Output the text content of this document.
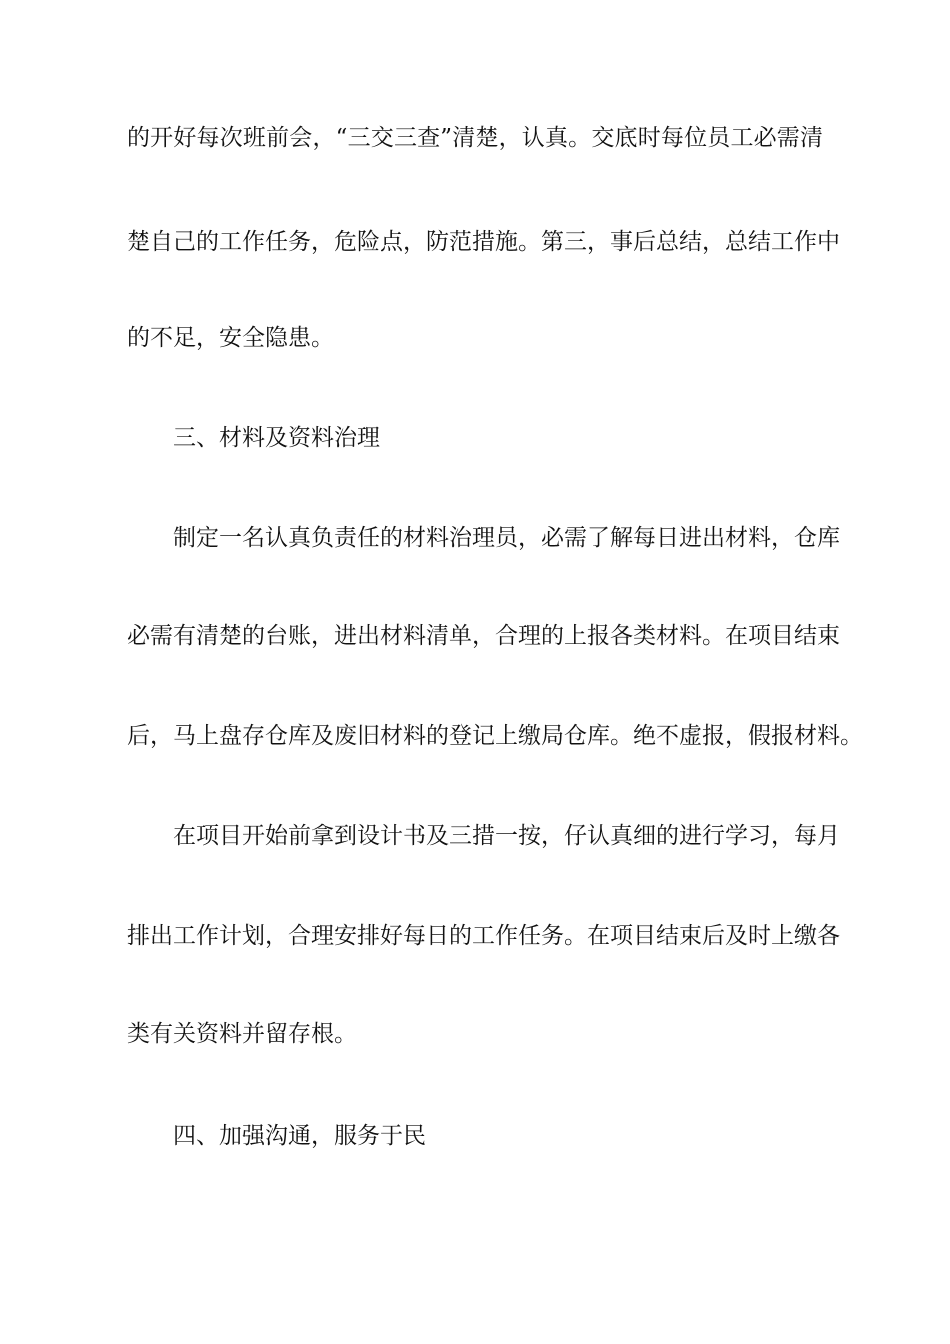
的开好每次班前会，“三交三查”清楚，认真。交底时每位员工必需清
楚自己的工作任务，危险点，防范措施。第三，事后总结，总结工作中
的不足，安全隐患。
三、材料及资料治理
制定一名认真负责任的材料治理员，必需了解每日进出材料，仓库
必需有清楚的台账，进出材料清单，合理的上报各类材料。在项目结束
后，马上盘存仓库及废旧材料的登记上缴局仓库。绝不虚报，假报材料。
在项目开始前拿到设计书及三措一按，仔认真细的进行学习，每月
排出工作计划，合理安排好每日的工作任务。在项目结束后及时上缴各
类有关资料并留存根。
四、加强沟通，服务于民
